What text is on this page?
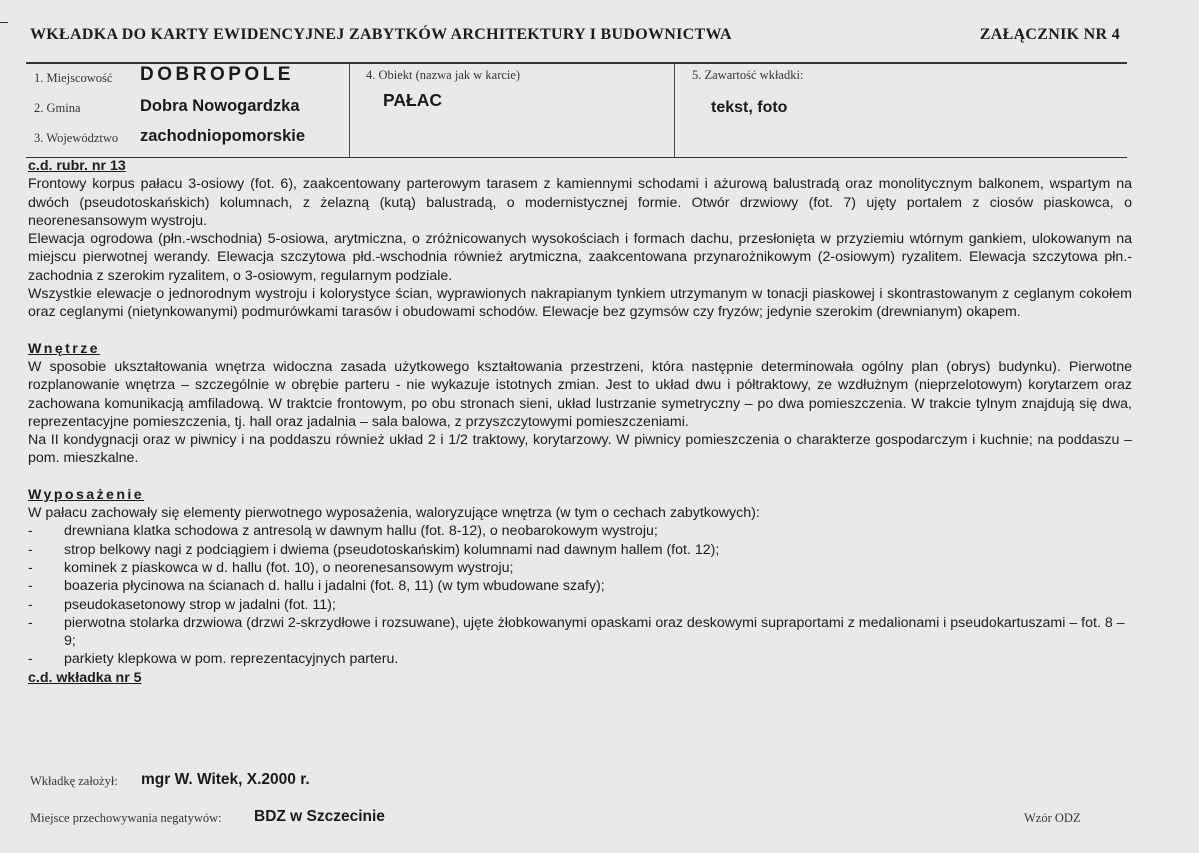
WKŁADKA DO KARTY EWIDENCYJNEJ ZABYTKÓW ARCHITEKTURY I BUDOWNICTWA	ZAŁĄCZNIK NR 4
1. Miejscowość DOBROPOLE
2. Gmina	Dobra Nowogardzka
3. Województwo zachodniopomorskie
4. Obiekt (nazwa jak w karcie)
PAŁAC
5. Zawartość wkładki:
tekst, foto
c.d. rubr. nr 13

Frontowy korpus pałacu 3-osiowy (fot. 6), zaakcentowany parterowym tarasem z kamiennymi schodami i ażurową balustradą oraz monolitycznym balkonem, wspartym na dwóch (pseudotoskańskich) kolumnach, z żelazną (kutą) balustradą, o modernistycznej formie. Otwór drzwiowy (fot. 7) ujęty portalem z ciosów piaskowca, o neorenesansowym wystroju.

Elewacja ogrodowa (płn.-wschodnia) 5-osiowa, arytmiczna, o zróżnicowanych wysokościach i formach dachu, przesłonięta w przyziemiu wtórnym gankiem, ulokowanym na miejscu pierwotnej werandy. Elewacja szczytowa płd.-wschodnia również arytmiczna, zaakcentowana przynarożnikowym (2-osiowym) ryzalitem. Elewacja szczytowa płn.-zachodnia z szerokim ryzalitem, o 3-osiowym, regularnym podziale.

Wszystkie elewacje o jednorodnym wystroju i kolorystyce ścian, wyprawionych nakrapianym tynkiem utrzymanym w tonacji piaskowej i skontrastowanym z ceglanym cokołem oraz ceglanymi (nietynkowanymi) podmurówkami tarasów i obudowami schodów. Elewacje bez gzymsów czy fryzów; jedynie szerokim (drewnianym) okapem.

Wnętrze

W sposobie ukształtowania wnętrza widoczna zasada użytkowego kształtowania przestrzeni, która następnie determinowała ogólny plan (obrys) budynku). Pierwotne rozplanowanie wnętrza – szczególnie w obrębie parteru - nie wykazuje istotnych zmian. Jest to układ dwu i półtraktowy, ze wzdłużnym (nieprzelotowym) korytarzem oraz zachowana komunikacją amfiladową. W traktcie frontowym, po obu stronach sieni, układ lustrzanie symetryczny – po dwa pomieszczenia. W trakcie tylnym znajdują się dwa, reprezentacyjne pomieszczenia, tj. hall oraz jadalnia – sala balowa, z przyszczytowymi pomieszczeniami.

Na II kondygnacji oraz w piwnicy i na poddaszu również układ 2 i 1/2 traktowy, korytarzowy. W piwnicy pomieszczenia o charakterze gospodarczym i kuchnie; na poddaszu – pom. mieszkalne.

Wyposażenie

W pałacu zachowały się elementy pierwotnego wyposażenia, waloryzujące wnętrza (w tym o cechach zabytkowych):

- drewniana klatka schodowa z antresolą w dawnym hallu (fot. 8-12), o neobarokowym wystroju;
- strop belkowy nagi z podciągiem i dwiema (pseudotoskańskim) kolumnami nad dawnym hallem (fot. 12);
- kominek z piaskowca w d. hallu (fot. 10), o neorenesansowym wystroju;
- boazeria płycinowa na ścianach d. hallu i jadalni (fot. 8, 11) (w tym wbudowane szafy);
- pseudokasetonowy strop w jadalni (fot. 11);
- pierwotna stolarka drzwiowa (drzwi 2-skrzydłowe i rozsuwane), ujęte żłobkowanymi opaskami oraz deskowymi supraportami z medalionami i pseudokartuszami – fot. 8 – 9;
- parkiety klepkowa w pom. reprezentacyjnych parteru.
c.d. wkładka nr 5
Wkładkę założył: mgr W. Witek, X.2000 r.
Miejsce przechowywania negatywów: BDZ w Szczecinie	Wzór ODZ
